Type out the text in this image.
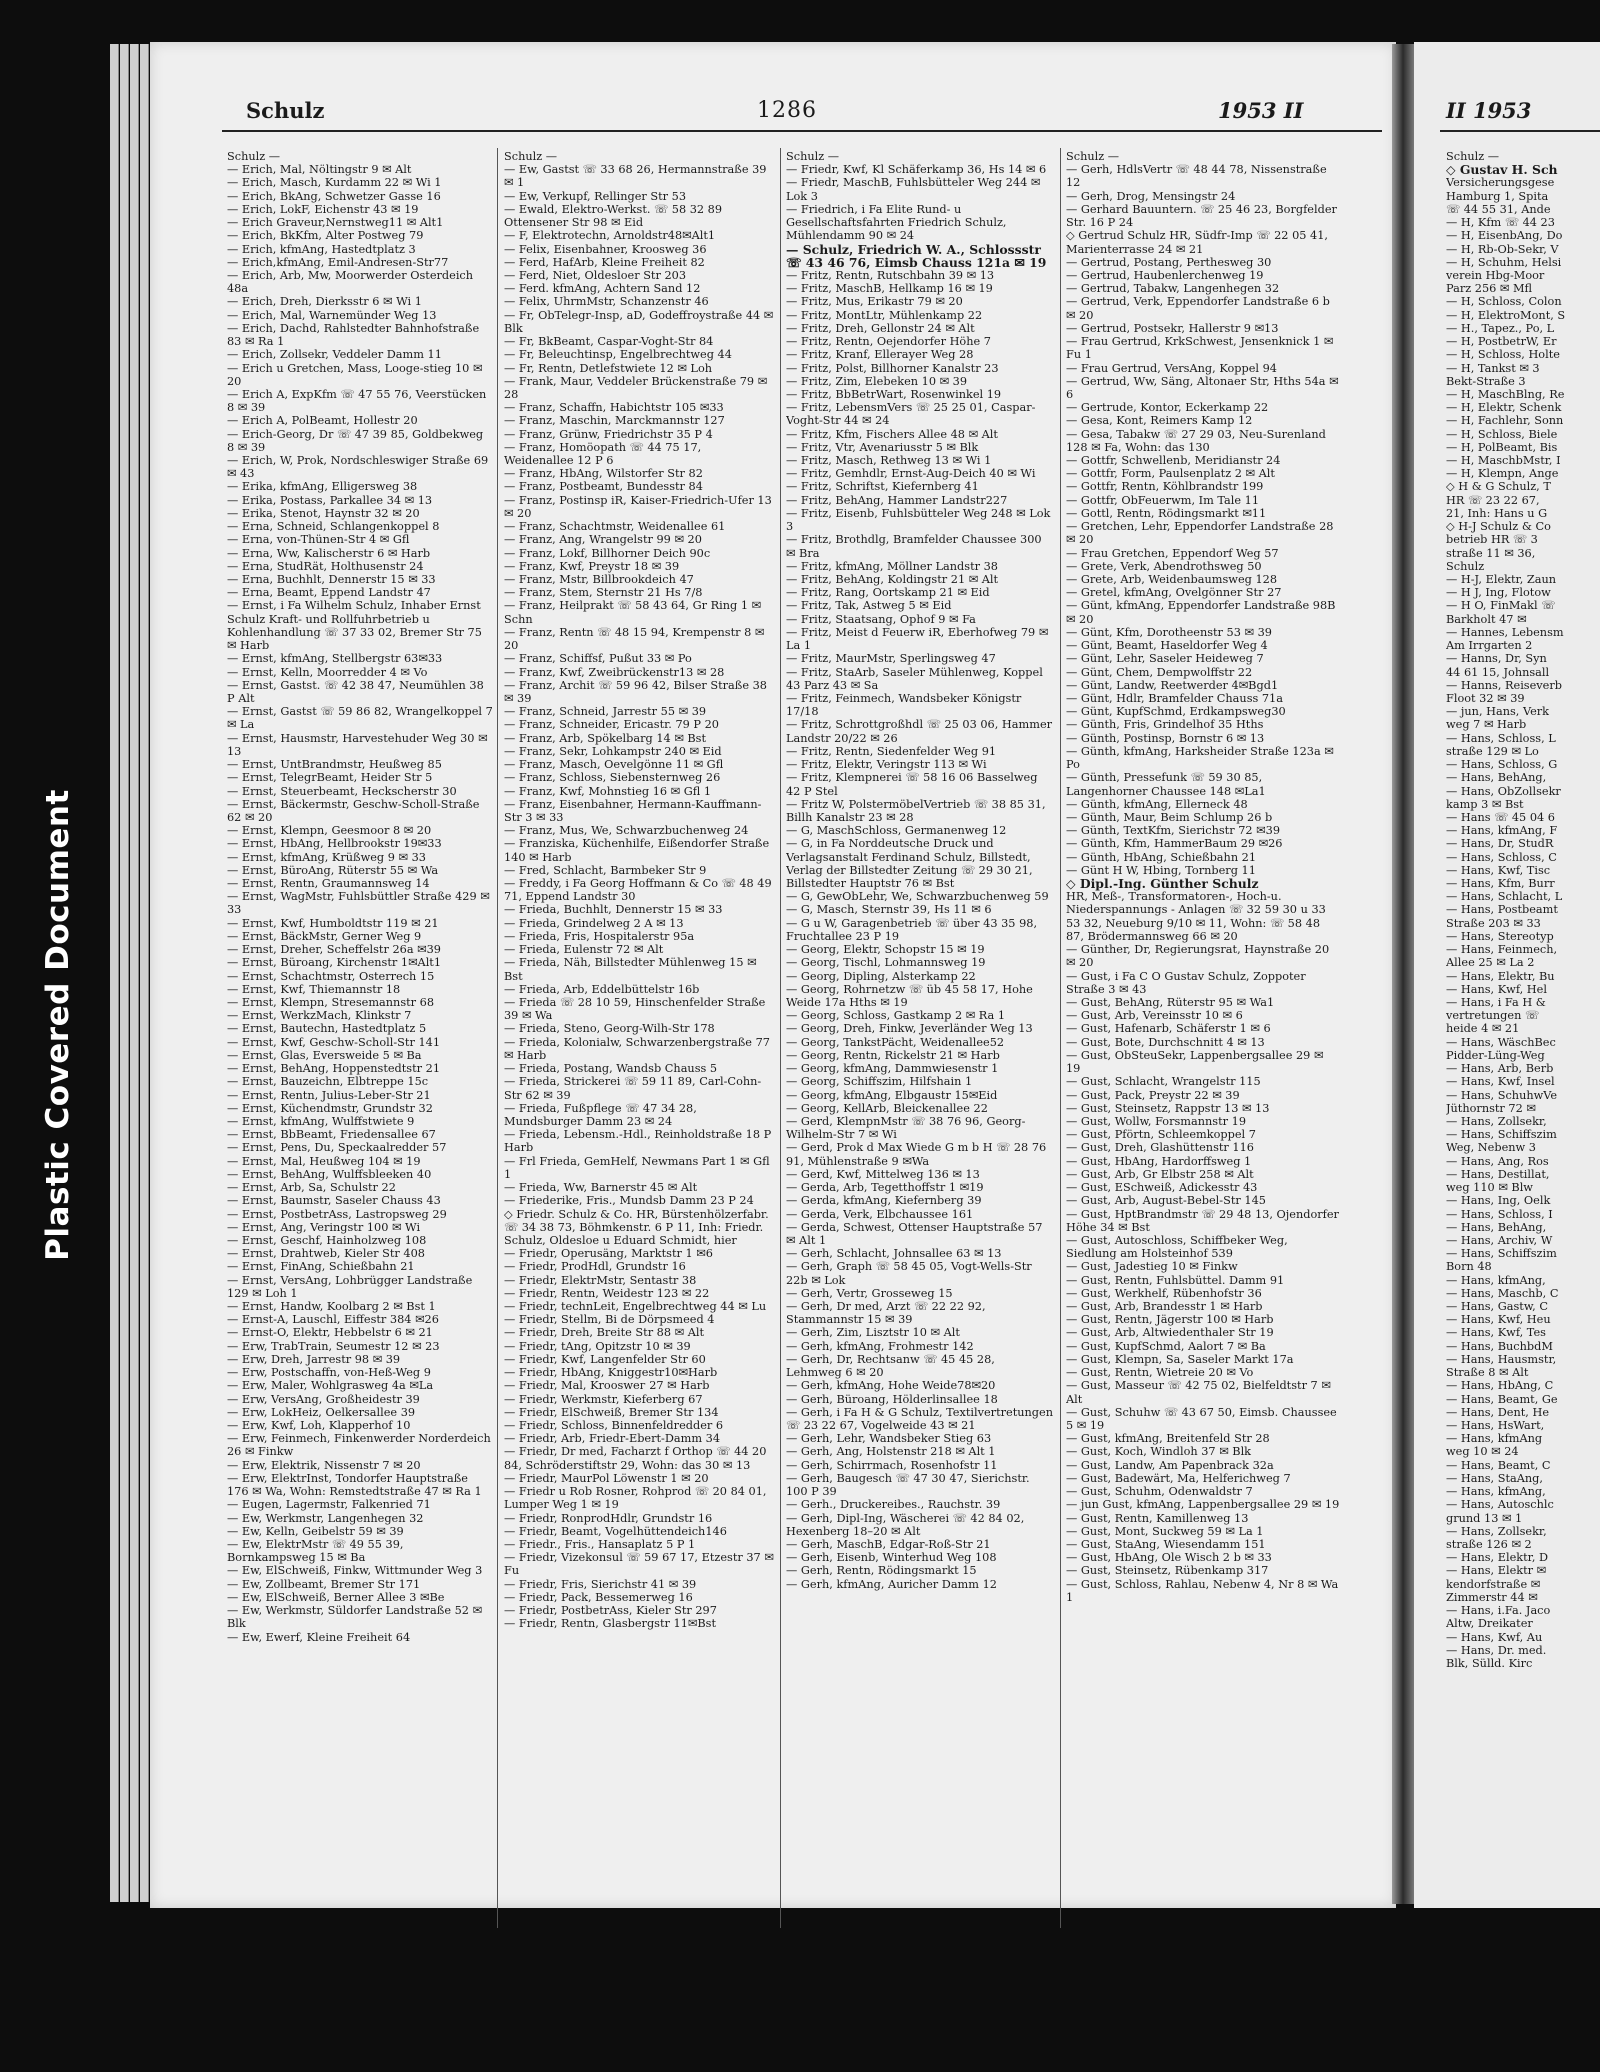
Plastic Covered Document
Schulz	1286	1953 II	II 1953

Schulz —

— Erich, Mal, Nöltingstr 9 ✉ Alt

— Erich, Masch, Kurdamm 22 ✉ Wi 1

— Erich, BkAng, Schwetzer Gasse 16

— Erich, LokF, Eichenstr 43 ✉ 19

— Erich Graveur,Nernstweg11 ✉ Alt1

— Erich, BkKfm, Alter Postweg 79

— Erich, kfmAng, Hastedtplatz 3

— Erich,kfmAng, Emil-Andresen-Str77

— Erich, Arb, Mw, Moorwerder Osterdeich 48a

— Erich, Dreh, Dierksstr 6 ✉ Wi 1

— Erich, Mal, Warnemünder Weg 13

— Erich, Dachd, Rahlstedter Bahnhofstraße 83 ✉ Ra 1

— Erich, Zollsekr, Veddeler Damm 11

— Erich u Gretchen, Mass, Looge-stieg 10 ✉ 20

— Erich A, ExpKfm ☏ 47 55 76, Veerstücken 8 ✉ 39

— Erich A, PolBeamt, Hollestr 20

— Erich-Georg, Dr ☏ 47 39 85, Goldbekweg 8 ✉ 39

— Erich, W, Prok, Nordschleswiger Straße 69 ✉ 43

— Erika, kfmAng, Elligersweg 38

— Erika, Postass, Parkallee 34 ✉ 13

— Erika, Stenot, Haynstr 32 ✉ 20

— Erna, Schneid, Schlangenkoppel 8

— Erna, von-Thünen-Str 4 ✉ Gfl

— Erna, Ww, Kalischerstr 6 ✉ Harb

— Erna, StudRät, Holthusenstr 24

— Erna, Buchhlt, Dennerstr 15 ✉ 33

— Erna, Beamt, Eppend Landstr 47

— Ernst, i Fa Wilhelm Schulz, Inhaber Ernst Schulz Kraft- und Rollfuhrbetrieb u Kohlenhandlung ☏ 37 33 02, Bremer Str 75 ✉ Harb

— Ernst, kfmAng, Stellbergstr 63✉33

— Ernst, Kelln, Moorredder 4 ✉ Vo

— Ernst, Gastst. ☏ 42 38 47, Neumühlen 38 P Alt

— Ernst, Gastst ☏ 59 86 82, Wrangelkoppel 7 ✉ La

— Ernst, Hausmstr, Harvestehuder Weg 30 ✉ 13

— Ernst, UntBrandmstr, Heußweg 85

— Ernst, TelegrBeamt, Heider Str 5

— Ernst, Steuerbeamt, Heckscherstr 30

— Ernst, Bäckermstr, Geschw-Scholl-Straße 62 ✉ 20

— Ernst, Klempn, Geesmoor 8 ✉ 20

— Ernst, HbAng, Hellbrookstr 19✉33

— Ernst, kfmAng, Krüßweg 9 ✉ 33

— Ernst, BüroAng, Rüterstr 55 ✉ Wa

— Ernst, Rentn, Graumannsweg 14

— Ernst, WagMstr, Fuhlsbüttler Straße 429 ✉ 33

— Ernst, Kwf, Humboldtstr 119 ✉ 21

— Ernst, BäckMstr, Gerner Weg 9

— Ernst, Dreher, Scheffelstr 26a ✉39

— Ernst, Büroang, Kirchenstr 1✉Alt1

— Ernst, Schachtmstr, Osterrech 15

— Ernst, Kwf, Thiemannstr 18

— Ernst, Klempn, Stresemannstr 68

— Ernst, WerkzMach, Klinkstr 7

— Ernst, Bautechn, Hastedtplatz 5

— Ernst, Kwf, Geschw-Scholl-Str 141

— Ernst, Glas, Eversweide 5 ✉ Ba

— Ernst, BehAng, Hoppenstedtstr 21

— Ernst, Bauzeichn, Elbtreppe 15c

— Ernst, Rentn, Julius-Leber-Str 21

— Ernst, Küchendmstr, Grundstr 32

— Ernst, kfmAng, Wulffstwiete 9

— Ernst, BbBeamt, Friedensallee 67

— Ernst, Pens, Du, Speckaalredder 57

— Ernst, Mal, Heußweg 104 ✉ 19

— Ernst, BehAng, Wulffsbleeken 40

— Ernst, Arb, Sa, Schulstr 22

— Ernst, Baumstr, Saseler Chauss 43

— Ernst, PostbetrAss, Lastropsweg 29

— Ernst, Ang, Veringstr 100 ✉ Wi

— Ernst, Geschf, Hainholzweg 108

— Ernst, Drahtweb, Kieler Str 408

— Ernst, FinAng, Schießbahn 21

— Ernst, VersAng, Lohbrügger Landstraße 129 ✉ Loh 1

— Ernst, Handw, Koolbarg 2 ✉ Bst 1

— Ernst-A, Lauschl, Eiffestr 384 ✉26

— Ernst-O, Elektr, Hebbelstr 6 ✉ 21

— Erw, TrabTrain, Seumestr 12 ✉ 23

— Erw, Dreh, Jarrestr 98 ✉ 39

— Erw, Postschaffn, von-Heß-Weg 9

— Erw, Maler, Wohlgrasweg 4a ✉La

— Erw, VersAng, Großheidestr 39

— Erw, LokHeiz, Oelkersallee 39

— Erw, Kwf, Loh, Klapperhof 10

— Erw, Feinmech, Finkenwerder Norderdeich 26 ✉ Finkw

— Erw, Elektrik, Nissenstr 7 ✉ 20

— Erw, ElektrInst, Tondorfer Hauptstraße 176 ✉ Wa, Wohn: Remstedtstraße 47 ✉ Ra 1

— Eugen, Lagermstr, Falkenried 71

— Ew, Werkmstr, Langenhegen 32

— Ew, Kelln, Geibelstr 59 ✉ 39

— Ew, ElektrMstr ☏ 49 55 39, Bornkampsweg 15 ✉ Ba

— Ew, ElSchweiß, Finkw, Wittmunder Weg 3

— Ew, Zollbeamt, Bremer Str 171

— Ew, ElSchweiß, Berner Allee 3 ✉Be

— Ew, Werkmstr, Süldorfer Landstraße 52 ✉ Blk

— Ew, Ewerf, Kleine Freiheit 64

Schulz —

— Ew, Gastst ☏ 33 68 26, Hermannstraße 39 ✉ 1

— Ew, Verkupf, Rellinger Str 53

— Ewald, Elektro-Werkst. ☏ 58 32 89 Ottensener Str 98 ✉ Eid

— F, Elektrotechn, Arnoldstr48✉Alt1

— Felix, Eisenbahner, Kroosweg 36

— Ferd, HafArb, Kleine Freiheit 82

— Ferd, Niet, Oldesloer Str 203

— Ferd. kfmAng, Achtern Sand 12

— Felix, UhrmMstr, Schanzenstr 46

— Fr, ObTelegr-Insp, aD, Godeffroystraße 44 ✉ Blk

— Fr, BkBeamt, Caspar-Voght-Str 84

— Fr, Beleuchtinsp, Engelbrechtweg 44

— Fr, Rentn, Detlefstwiete 12 ✉ Loh

— Frank, Maur, Veddeler Brückenstraße 79 ✉ 28

— Franz, Schaffn, Habichtstr 105 ✉33

— Franz, Maschin, Marckmannstr 127

— Franz, Grünw, Friedrichstr 35 P 4

— Franz, Homöopath ☏ 44 75 17, Weidenallee 12 P 6

— Franz, HbAng, Wilstorfer Str 82

— Franz, Postbeamt, Bundesstr 84

— Franz, Postinsp iR, Kaiser-Friedrich-Ufer 13 ✉ 20

— Franz, Schachtmstr, Weidenallee 61

— Franz, Ang, Wrangelstr 99 ✉ 20

— Franz, Lokf, Billhorner Deich 90c

— Franz, Kwf, Preystr 18 ✉ 39

— Franz, Mstr, Billbrookdeich 47

— Franz, Stem, Sternstr 21 Hs 7/8

— Franz, Heilprakt ☏ 58 43 64, Gr Ring 1 ✉ Schn

— Franz, Rentn ☏ 48 15 94, Krempenstr 8 ✉ 20

— Franz, Schiffsf, Pußut 33 ✉ Po

— Franz, Kwf, Zweibrückenstr13 ✉ 28

— Franz, Archit ☏ 59 96 42, Bilser Straße 38 ✉ 39

— Franz, Schneid, Jarrestr 55 ✉ 39

— Franz, Schneider, Ericastr. 79 P 20

— Franz, Arb, Spökelbarg 14 ✉ Bst

— Franz, Sekr, Lohkampstr 240 ✉ Eid

— Franz, Masch, Oevelgönne 11 ✉ Gfl

— Franz, Schloss, Siebensternweg 26

— Franz, Kwf, Mohnstieg 16 ✉ Gfl 1

— Franz, Eisenbahner, Hermann-Kauffmann-Str 3 ✉ 33

— Franz, Mus, We, Schwarzbuchenweg 24

— Franziska, Küchenhilfe, Eißendorfer Straße 140 ✉ Harb

— Fred, Schlacht, Barmbeker Str 9

— Freddy, i Fa Georg Hoffmann & Co ☏ 48 49 71, Eppend Landstr 30

— Frieda, Buchhlt, Dennerstr 15 ✉ 33

— Frieda, Grindelweg 2 A ✉ 13

— Frieda, Fris, Hospitalerstr 95a

— Frieda, Eulenstr 72 ✉ Alt

— Frieda, Näh, Billstedter Mühlenweg 15 ✉ Bst

— Frieda, Arb, Eddelbüttelstr 16b

— Frieda ☏ 28 10 59, Hinschenfelder Straße 39 ✉ Wa

— Frieda, Steno, Georg-Wilh-Str 178

— Frieda, Kolonialw, Schwarzenbergstraße 77 ✉ Harb

— Frieda, Postang, Wandsb Chauss 5

— Frieda, Strickerei ☏ 59 11 89, Carl-Cohn-Str 62 ✉ 39

— Frieda, Fußpflege ☏ 47 34 28, Mundsburger Damm 23 ✉ 24

— Frieda, Lebensm.-Hdl., Reinholdstraße 18 P Harb

— Frl Frieda, GemHelf, Newmans Part 1 ✉ Gfl 1

— Frieda, Ww, Barnerstr 45 ✉ Alt

— Friederike, Fris., Mundsb Damm 23 P 24

◇ Friedr. Schulz & Co. HR, Bürstenhölzerfabr. ☏ 34 38 73, Böhmkenstr. 6 P 11, Inh: Friedr. Schulz, Oldesloe u Eduard Schmidt, hier

— Friedr, Operusäng, Marktstr 1 ✉6

— Friedr, ProdHdl, Grundstr 16

— Friedr, ElektrMstr, Sentastr 38

— Friedr, Rentn, Weidestr 123 ✉ 22

— Friedr, technLeit, Engelbrechtweg 44 ✉ Lu

— Friedr, Stellm, Bi de Dörpsmeed 4

— Friedr, Dreh, Breite Str 88 ✉ Alt

— Friedr, tAng, Opitzstr 10 ✉ 39

— Friedr, Kwf, Langenfelder Str 60

— Friedr, HbAng, Kniggestr10✉Harb

— Friedr, Mal, Krooswег 27 ✉ Harb

— Friedr, Werkmstr, Kieferberg 67

— Friedr, ElSchweiß, Bremer Str 134

— Friedr, Schloss, Binnenfeldredder 6

— Friedr, Arb, Friedr-Ebert-Damm 34

— Friedr, Dr med, Facharzt f Orthop ☏ 44 20 84, Schröderstiftstr 29, Wohn: das 30 ✉ 13

— Friedr, MaurPol Löwenstr 1 ✉ 20

— Friedr u Rob Rosner, Rohprod ☏ 20 84 01, Lumper Weg 1 ✉ 19

— Friedr, RonprodHdlr, Grundstr 16

— Friedr, Beamt, Vogelhüttendeich146

— Friedr., Fris., Hansaplatz 5 P 1

— Friedr, Vizekonsul ☏ 59 67 17, Etzestr 37 ✉ Fu

— Friedr, Fris, Sierichstr 41 ✉ 39

— Friedr, Pack, Bessemerweg 16

— Friedr, PostbetrAss, Kieler Str 297

— Friedr, Rentn, Glasbergstr 11✉Bst

Schulz —

— Friedr, Kwf, Kl Schäferkamp 36, Hs 14 ✉ 6

— Friedr, MaschB, Fuhlsbütteler Weg 244 ✉ Lok 3

— Friedrich, i Fa Elite Rund- u Gesellschaftsfahrten Friedrich Schulz, Mühlendamm 90 ✉ 24

— Schulz, Friedrich W. A., Schlossstr ☏ 43 46 76, Eimsb Chauss 121a ✉ 19

— Fritz, Rentn, Rutschbahn 39 ✉ 13

— Fritz, MaschB, Hellkamp 16 ✉ 19

— Fritz, Mus, Erikastr 79 ✉ 20

— Fritz, MontLtr, Mühlenkamp 22

— Fritz, Dreh, Gellonstr 24 ✉ Alt

— Fritz, Rentn, Oejendorfer Höhe 7

— Fritz, Kranf, Elleraуer Weg 28

— Fritz, Polst, Billhorner Kanalstr 23

— Fritz, Zim, Elebeken 10 ✉ 39

— Fritz, BbBetrWart, Rosenwinkel 19

— Fritz, LebensmVers ☏ 25 25 01, Caspar-Voght-Str 44 ✉ 24

— Fritz, Kfm, Fischers Allee 48 ✉ Alt

— Fritz, Vtr, Avenariusstr 5 ✉ Blk

— Fritz, Masch, Rethweg 13 ✉ Wi 1

— Fritz, Gemhdlr, Ernst-Aug-Deich 40 ✉ Wi

— Fritz, Schriftst, Kiefernberg 41

— Fritz, BehAng, Hammer Landstr227

— Fritz, Eisenb, Fuhlsbütteler Weg 248 ✉ Lok 3

— Fritz, Brothdlg, Bramfelder Chaussee 300 ✉ Bra

— Fritz, kfmAng, Möllner Landstr 38

— Fritz, BehAng, Koldingstr 21 ✉ Alt

— Fritz, Rang, Oortskamp 21 ✉ Eid

— Fritz, Tak, Astweg 5 ✉ Eid

— Fritz, Staatsang, Ophof 9 ✉ Fa

— Fritz, Meist d Feuerw iR, Eberhofweg 79 ✉ La 1

— Fritz, MaurMstr, Sperlingsweg 47

— Fritz, StaArb, Saseler Mühlenweg, Koppel 43 Parz 43 ✉ Sa

— Fritz, Feinmech, Wandsbeker Königstr 17/18

— Fritz, Schrottgroßhdl ☏ 25 03 06, Hammer Landstr 20/22 ✉ 26

— Fritz, Rentn, Siedenfelder Weg 91

— Fritz, Elektr, Veringstr 113 ✉ Wi

— Fritz, Klempnerei ☏ 58 16 06 Basselweg 42 P Stel

— Fritz W, PolstermöbelVertrieb ☏ 38 85 31, Billh Kanalstr 23 ✉ 28

— G, MaschSchloss, Germanenweg 12

— G, in Fa Norddeutsche Druck und Verlagsanstalt Ferdinand Schulz, Billstedt, Verlag der Billstedter Zeitung ☏ 29 30 21, Billstedter Hauptstr 76 ✉ Bst

— G, GewObLehr, We, Schwarzbuchenweg 59

— G, Masch, Sternstr 39, Hs 11 ✉ 6

— G u W, Garagenbetrieb ☏ über 43 35 98, Fruchtallee 23 P 19

— Georg, Elektr, Schopstr 15 ✉ 19

— Georg, Tischl, Lohmannsweg 19

— Georg, Dipling, Alsterkamp 22

— Georg, Rohrnetzw ☏ üb 45 58 17, Hohe Weide 17a Hths ✉ 19

— Georg, Schloss, Gastkamp 2 ✉ Ra 1

— Georg, Dreh, Finkw, Jeverländer Weg 13

— Georg, TankstPächt, Weidenallee52

— Georg, Rentn, Rickelstr 21 ✉ Harb

— Georg, kfmAng, Dammwiesenstr 1

— Georg, Schiffszim, Hilfshain 1

— Georg, kfmAng, Elbgaustr 15✉Eid

— Georg, KellArb, Bleickenallee 22

— Gerd, KlempnMstr ☏ 38 76 96, Georg-Wilhelm-Str 7 ✉ Wi

— Gerd, Prok d Max Wiede G m b H ☏ 28 76 91, Mühlenstraße 9 ✉Wa

— Gerd, Kwf, Mittelweg 136 ✉ 13

— Gerda, Arb, Tegetthoffstr 1 ✉19

— Gerda, kfmAng, Kiefernberg 39

— Gerda, Verk, Elbchaussee 161

— Gerda, Schwest, Ottenser Hauptstraße 57 ✉ Alt 1

— Gerh, Schlacht, Johnsallee 63 ✉ 13

— Gerh, Graph ☏ 58 45 05, Vogt-Wells-Str 22b ✉ Lok

— Gerh, Vertr, Grossеweg 15

— Gerh, Dr med, Arzt ☏ 22 22 92, Stammannstr 15 ✉ 39

— Gerh, Zim, Lisztstr 10 ✉ Alt

— Gerh, kfmAng, Frohmestr 142

— Gerh, Dr, Rechtsanw ☏ 45 45 28, Lehmweg 6 ✉ 20

— Gerh, kfmAng, Hohe Weide78✉20

— Gerh, Büroang, Hölderlinsallee 18

— Gerh, i Fa H & G Schulz, Textilvertretungen ☏ 23 22 67, Vogelweide 43 ✉ 21

— Gerh, Lehr, Wandsbeker Stieg 63

— Gerh, Ang, Holstenstr 218 ✉ Alt 1

— Gerh, Schirrmach, Rosenhofstr 11

— Gerh, Baugesch ☏ 47 30 47, Sierichstr. 100 P 39

— Gerh., Druckereibes., Rauchstr. 39

— Gerh, Dipl-Ing, Wäscherei ☏ 42 84 02, Hexenberg 18–20 ✉ Alt

— Gerh, MaschB, Edgar-Roß-Str 21

— Gerh, Eisenb, Winterhud Weg 108

— Gerh, Rentn, Rödingsmarkt 15

— Gerh, kfmAng, Auricher Damm 12

Schulz —

— Gerh, HdlsVertr ☏ 48 44 78, Nissenstraße 12

— Gerh, Drog, Mensingstr 24

— Gerhard Bauuntern. ☏ 25 46 23, Borgfelder Str. 16 P 24

◇ Gertrud Schulz HR, Südfr-Imp ☏ 22 05 41, Mariеnterrasse 24 ✉ 21

— Gertrud, Postang, Pertheswеg 30

— Gertrud, Haubenlerchenweg 19

— Gertrud, Tabakw, Langenhegen 32

— Gertrud, Verk, Eppendorfer Landstraße 6 b ✉ 20

— Gertrud, Postsekr, Hallerstr 9 ✉13

— Frau Gertrud, KrkSchwest, Jensenknick 1 ✉ Fu 1

— Frau Gertrud, VersAng, Koppel 94

— Gertrud, Ww, Säng, Altonaer Str, Hths 54a ✉ 6

— Gertrude, Kontor, Eckerkamp 22

— Gesa, Kont, Reimers Kamp 12

— Gesa, Tabakw ☏ 27 29 03, Neu-Surenland 128 ✉ Fa, Wohn: das 130

— Gottfr, Schwellenb, Meridianstr 24

— Gottfr, Form, Paulsenplatz 2 ✉ Alt

— Gottfr, Rentn, Köhlbrandstr 199

— Gottfr, ObFeuerwm, Im Tale 11

— Gottl, Rentn, Rödingsmarkt ✉11

— Gretchen, Lehr, Eppendorfer Landstraße 28 ✉ 20

— Frau Gretchen, Eppendorf Weg 57

— Grete, Verk, Abendrothsweg 50

— Grete, Arb, Weidenbaumsweg 128

— Gretel, kfmAng, Ovelgönner Str 27

— Günt, kfmAng, Eppendorfer Landstraße 98B ✉ 20

— Günt, Kfm, Dorotheenstr 53 ✉ 39

— Günt, Beamt, Haseldorfer Weg 4

— Günt, Lehr, Saseler Heideweg 7

— Günt, Chem, Dempwolffstr 22

— Günt, Landw, Reetwerder 4✉Bgd1

— Günt, Hdlr, Bramfelder Chauss 71a

— Günt, KupfSchmd, Erdkampsweg30

— Günth, Fris, Grindelhof 35 Hths

— Günth, Postinsp, Bornstr 6 ✉ 13

— Günth, kfmAng, Harksheider Straße 123a ✉ Po

— Günth, Pressefunk ☏ 59 30 85, Langenhorner Chaussee 148 ✉La1

— Günth, kfmAng, Ellerneck 48

— Günth, Maur, Beim Schlump 26 b

— Günth, TextKfm, Sierichstr 72 ✉39

— Günth, Kfm, HammerBaum 29 ✉26

— Günth, HbAng, Schießbahn 21

— Günt H W, Hbing, Tornberg 11

◇ Dipl.-Ing. Günther Schulz

HR, Meß-, Transformatoren-, Hoch-u. Niederspannungs - Anlagen ☏ 32 59 30 u 33 53 32, Neueburg 9/10 ✉ 11, Wohn: ☏ 58 48 87, Brödermannsweg 66 ✉ 20

— Günther, Dr, Regierungsrat, Haynstraße 20 ✉ 20

— Gust, i Fa C O Gustav Schulz, Zoppoter Straße 3 ✉ 43

— Gust, BehAng, Rüterstr 95 ✉ Wa1

— Gust, Arb, Vereinsstr 10 ✉ 6

— Gust, Hafenarb, Schäferstr 1 ✉ 6

— Gust, Bote, Durchschnitt 4 ✉ 13

— Gust, ObSteuSekr, Lappenbergsallee 29 ✉ 19

— Gust, Schlacht, Wrangelstr 115

— Gust, Pack, Preystr 22 ✉ 39

— Gust, Steinsetz, Rappstr 13 ✉ 13

— Gust, Wollw, Forsmannstr 19

— Gust, Pförtn, Schleemkoppel 7

— Gust, Dreh, Glashüttenstr 116

— Gust, HbAng, Hardorffsweg 1

— Gust, Arb, Gr Elbstr 258 ✉ Alt

— Gust, ESchweiß, Adickesstr 43

— Gust, Arb, August-Bebel-Str 145

— Gust, HptBrandmstr ☏ 29 48 13, Ojendorfer Höhe 34 ✉ Bst

— Gust, Autoschloss, Schiffbeker Weg, Siedlung am Holsteinhof 539

— Gust, Jadestieg 10 ✉ Finkw

— Gust, Rentn, Fuhlsbüttel. Damm 91

— Gust, Werkhelf, Rübenhofstr 36

— Gust, Arb, Brandesstr 1 ✉ Harb

— Gust, Rentn, Jägerstr 100 ✉ Harb

— Gust, Arb, Altwiedenthaler Str 19

— Gust, KupfSchmd, Aalort 7 ✉ Ba

— Gust, Klempn, Sa, Saseler Markt 17a

— Gust, Rentn, Wietreie 20 ✉ Vo

— Gust, Masseur ☏ 42 75 02, Bielfeldtstr 7 ✉ Alt

— Gust, Schuhw ☏ 43 67 50, Eimsb. Chaussee 5 ✉ 19

— Gust, kfmAng, Breitenfeld Str 28

— Gust, Koch, Windloh 37 ✉ Blk

— Gust, Landw, Am Papenbrack 32a

— Gust, Badewärt, Ma, Helferichweg 7

— Gust, Schuhm, Odenwaldstr 7

— jun Gust, kfmAng, Lappenbergsallee 29 ✉ 19

— Gust, Rentn, Kamillenweg 13

— Gust, Mont, Suckwеg 59 ✉ La 1

— Gust, StaAng, Wiesendamm 151

— Gust, HbAng, Ole Wisch 2 b ✉ 33

— Gust, Steinsetz, Rübenkamp 317

— Gust, Schloss, Rahlau, Nebenw 4, Nr 8 ✉ Wa 1

Schulz —

◇ Gustav H. Sch

Versicherungsgese

Hamburg 1, Spita

☏ 44 55 31, Ande

— H, Kfm ☏ 44 23

— H, EisenbAng, Do

— H, Rb-Ob-Sekr, V

— H, Schuhm, Helsi

verein Hbg-Moor

Parz 256 ✉ Mfl

— H, Schloss, Colon

— H, ElektroMont, S

— H., Tapez., Po, L

— H, PostbetrW, Er

— H, Schloss, Holte

— H, Tankst ✉ 3

Bekt-Straße 3

— H, MaschBlng, Re

— H, Elektr, Schenk

— H, Fachlehr, Sonn

— H, Schloss, Biele

— H, PolBeamt, Bis

— H, MaschbMstr, I

— H, Klempn, Ange

◇ H & G Schulz, T

HR ☏ 23 22 67,

21, Inh: Hans u G

◇ H-J Schulz & Co

betrieb HR ☏ 3

straße 11 ✉ 36,

Schulz

— H-J, Elektr, Zaun

— H J, Ing, Flotow

— H O, FinMakl ☏

Barkholt 47 ✉

— Hannes, Lebensm

Am Irrgarten 2

— Hanns, Dr, Syn

44 61 15, Johnsall

— Hanns, Reiseverb

Floot 32 ✉ 39

— jun, Hans, Verk

weg 7 ✉ Harb

— Hans, Schloss, L

straße 129 ✉ Lo

— Hans, Schloss, G

— Hans, BehAng,

— Hans, ObZollsekr

kamp 3 ✉ Bst

— Hans ☏ 45 04 6

— Hans, kfmAng, F

— Hans, Dr, StudR

— Hans, Schloss, C

— Hans, Kwf, Tisc

— Hans, Kfm, Burr

— Hans, Schlacht, L

— Hans, Postbeamt

Straße 203 ✉ 33

— Hans, Stereotyp

— Hans, Feinmech,

Allee 25 ✉ La 2

— Hans, Elektr, Bu

— Hans, Kwf, Hel

— Hans, i Fa H &

vertretungen ☏

heide 4 ✉ 21

— Hans, WäschBec

Pidder-Lüng-Weg

— Hans, Arb, Berb

— Hans, Kwf, Insel

— Hans, SchuhwVe

Jüthornstr 72 ✉

— Hans, Zollsekr,

— Hans, Schiffszim

Weg, Nebenw 3

— Hans, Ang, Ros

— Hans, Destillat,

weg 110 ✉ Blw

— Hans, Ing, Oelk

— Hans, Schloss, I

— Hans, BehAng,

— Hans, Archiv, W

— Hans, Schiffszim

Born 48

— Hans, kfmAng,

— Hans, Maschb, C

— Hans, Gastw, C

— Hans, Kwf, Heu

— Hans, Kwf, Tes

— Hans, BuchbdM

— Hans, Hausmstr,

Straße 8 ✉ Alt

— Hans, HbAng, C

— Hans, Beamt, Ge

— Hans, Dent, He

— Hans, HsWart,

— Hans, kfmAng

weg 10 ✉ 24

— Hans, Beamt, C

— Hans, StaAng,

— Hans, kfmAng,

— Hans, Autoschlc

grund 13 ✉ 1

— Hans, Zollsekr,

straße 126 ✉ 2

— Hans, Elektr, D

— Hans, Elektr ✉

kendorfstraße ✉

Zimmerstr 44 ✉

— Hans, i.Fa. Jaco

Altw, Dreikater

— Hans, Kwf, Au

— Hans, Dr. med.

Blk, Sülld. Kirc
